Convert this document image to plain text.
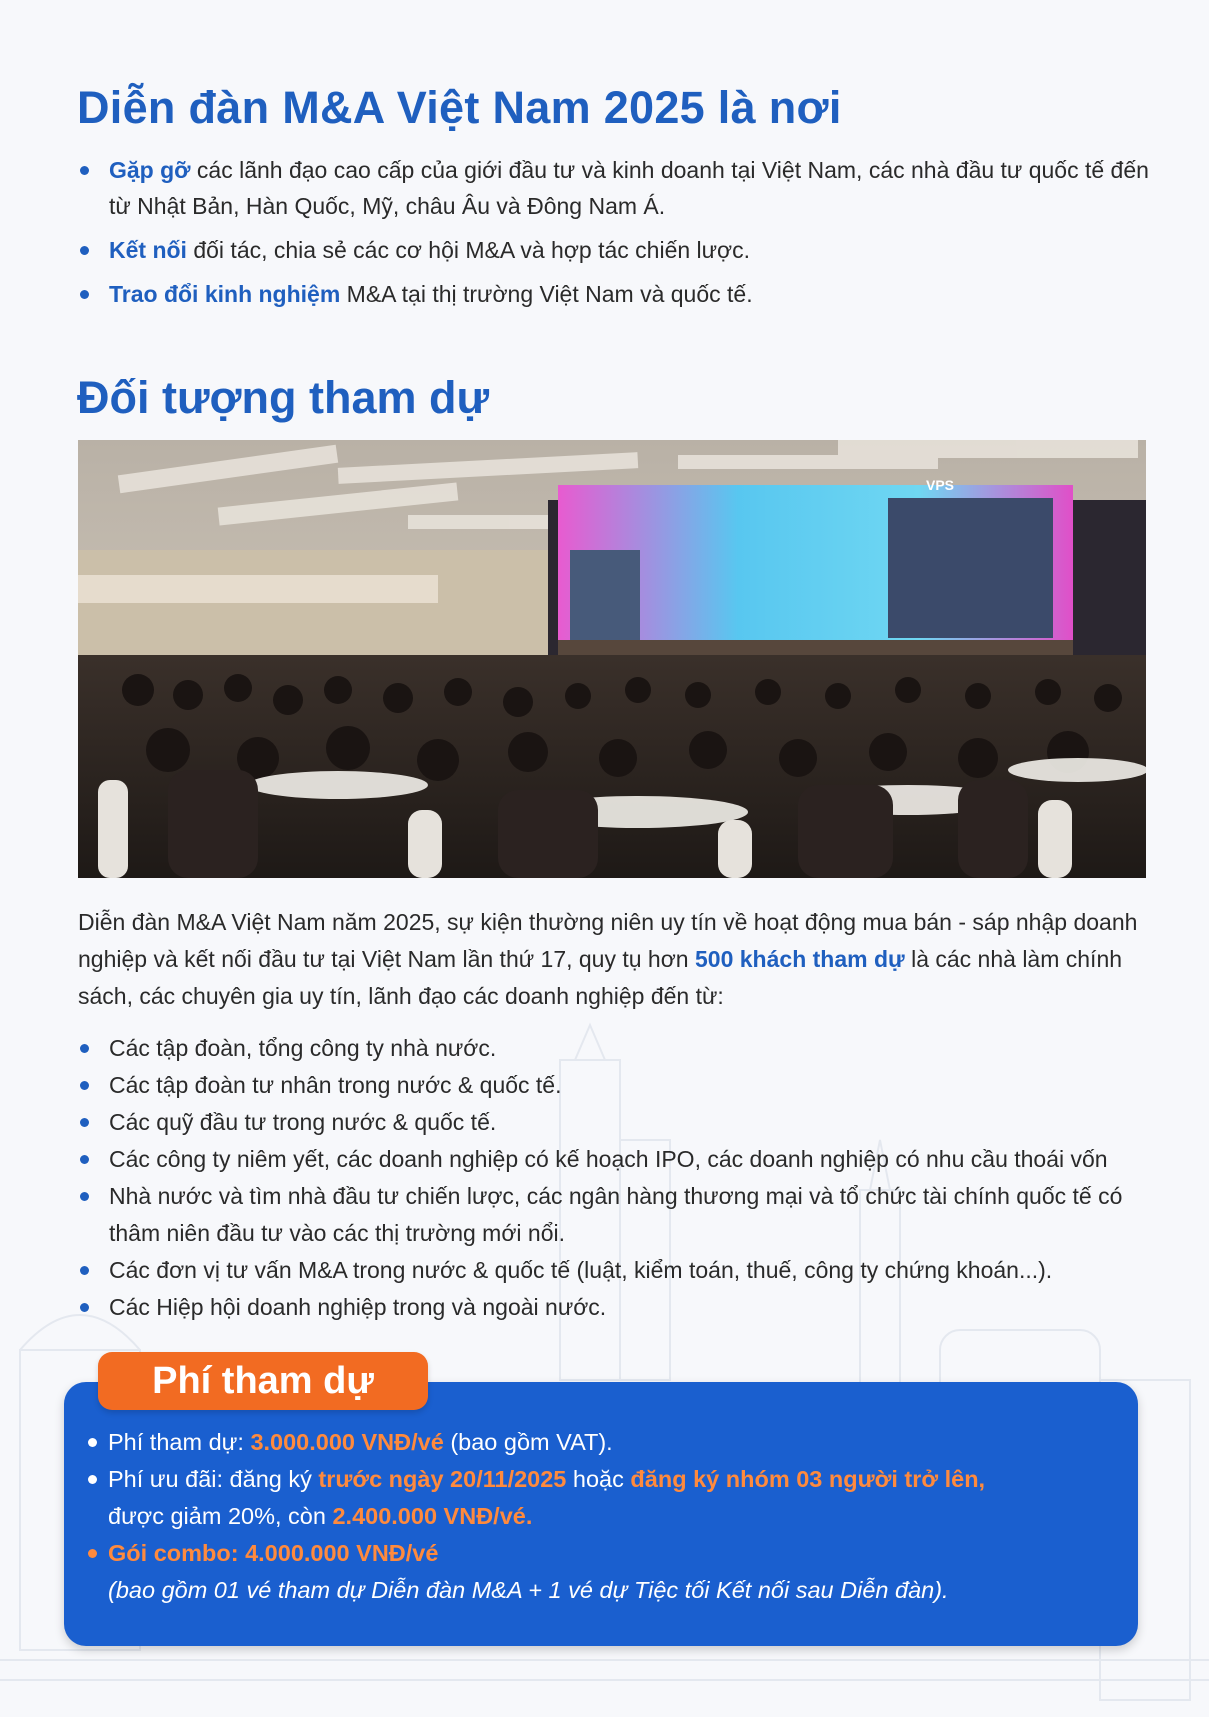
Diễn đàn M&A Việt Nam 2025 là nơi
Gặp gỡ các lãnh đạo cao cấp của giới đầu tư và kinh doanh tại Việt Nam, các nhà đầu tư quốc tế đến từ Nhật Bản, Hàn Quốc, Mỹ, châu Âu và Đông Nam Á.
Kết nối đối tác, chia sẻ các cơ hội M&A và hợp tác chiến lược.
Trao đổi kinh nghiệm M&A tại thị trường Việt Nam và quốc tế.
Đối tượng tham dự
VPS
Diễn đàn M&A Việt Nam năm 2025, sự kiện thường niên uy tín về hoạt động mua bán - sáp nhập doanh nghiệp và kết nối đầu tư tại Việt Nam lần thứ 17, quy tụ hơn 500 khách tham dự là các nhà làm chính sách, các chuyên gia uy tín, lãnh đạo các doanh nghiệp đến từ:
Các tập đoàn, tổng công ty nhà nước.
Các tập đoàn tư nhân trong nước & quốc tế.
Các quỹ đầu tư trong nước & quốc tế.
Các công ty niêm yết, các doanh nghiệp có kế hoạch IPO, các doanh nghiệp có nhu cầu thoái vốn
Nhà nước và tìm nhà đầu tư chiến lược, các ngân hàng thương mại và tổ chức tài chính quốc tế có thâm niên đầu tư vào các thị trường mới nổi.
Các đơn vị tư vấn M&A trong nước & quốc tế (luật, kiểm toán, thuế, công ty chứng khoán...).
Các Hiệp hội doanh nghiệp trong và ngoài nước.
Phí tham dự
Phí tham dự: 3.000.000 VNĐ/vé (bao gồm VAT).
Phí ưu đãi: đăng ký trước ngày 20/11/2025 hoặc đăng ký nhóm 03 người trở lên,
được giảm 20%, còn 2.400.000 VNĐ/vé.
Gói combo: 4.000.000 VNĐ/vé
(bao gồm 01 vé tham dự Diễn đàn M&A + 1 vé dự Tiệc tối Kết nối sau Diễn đàn).
